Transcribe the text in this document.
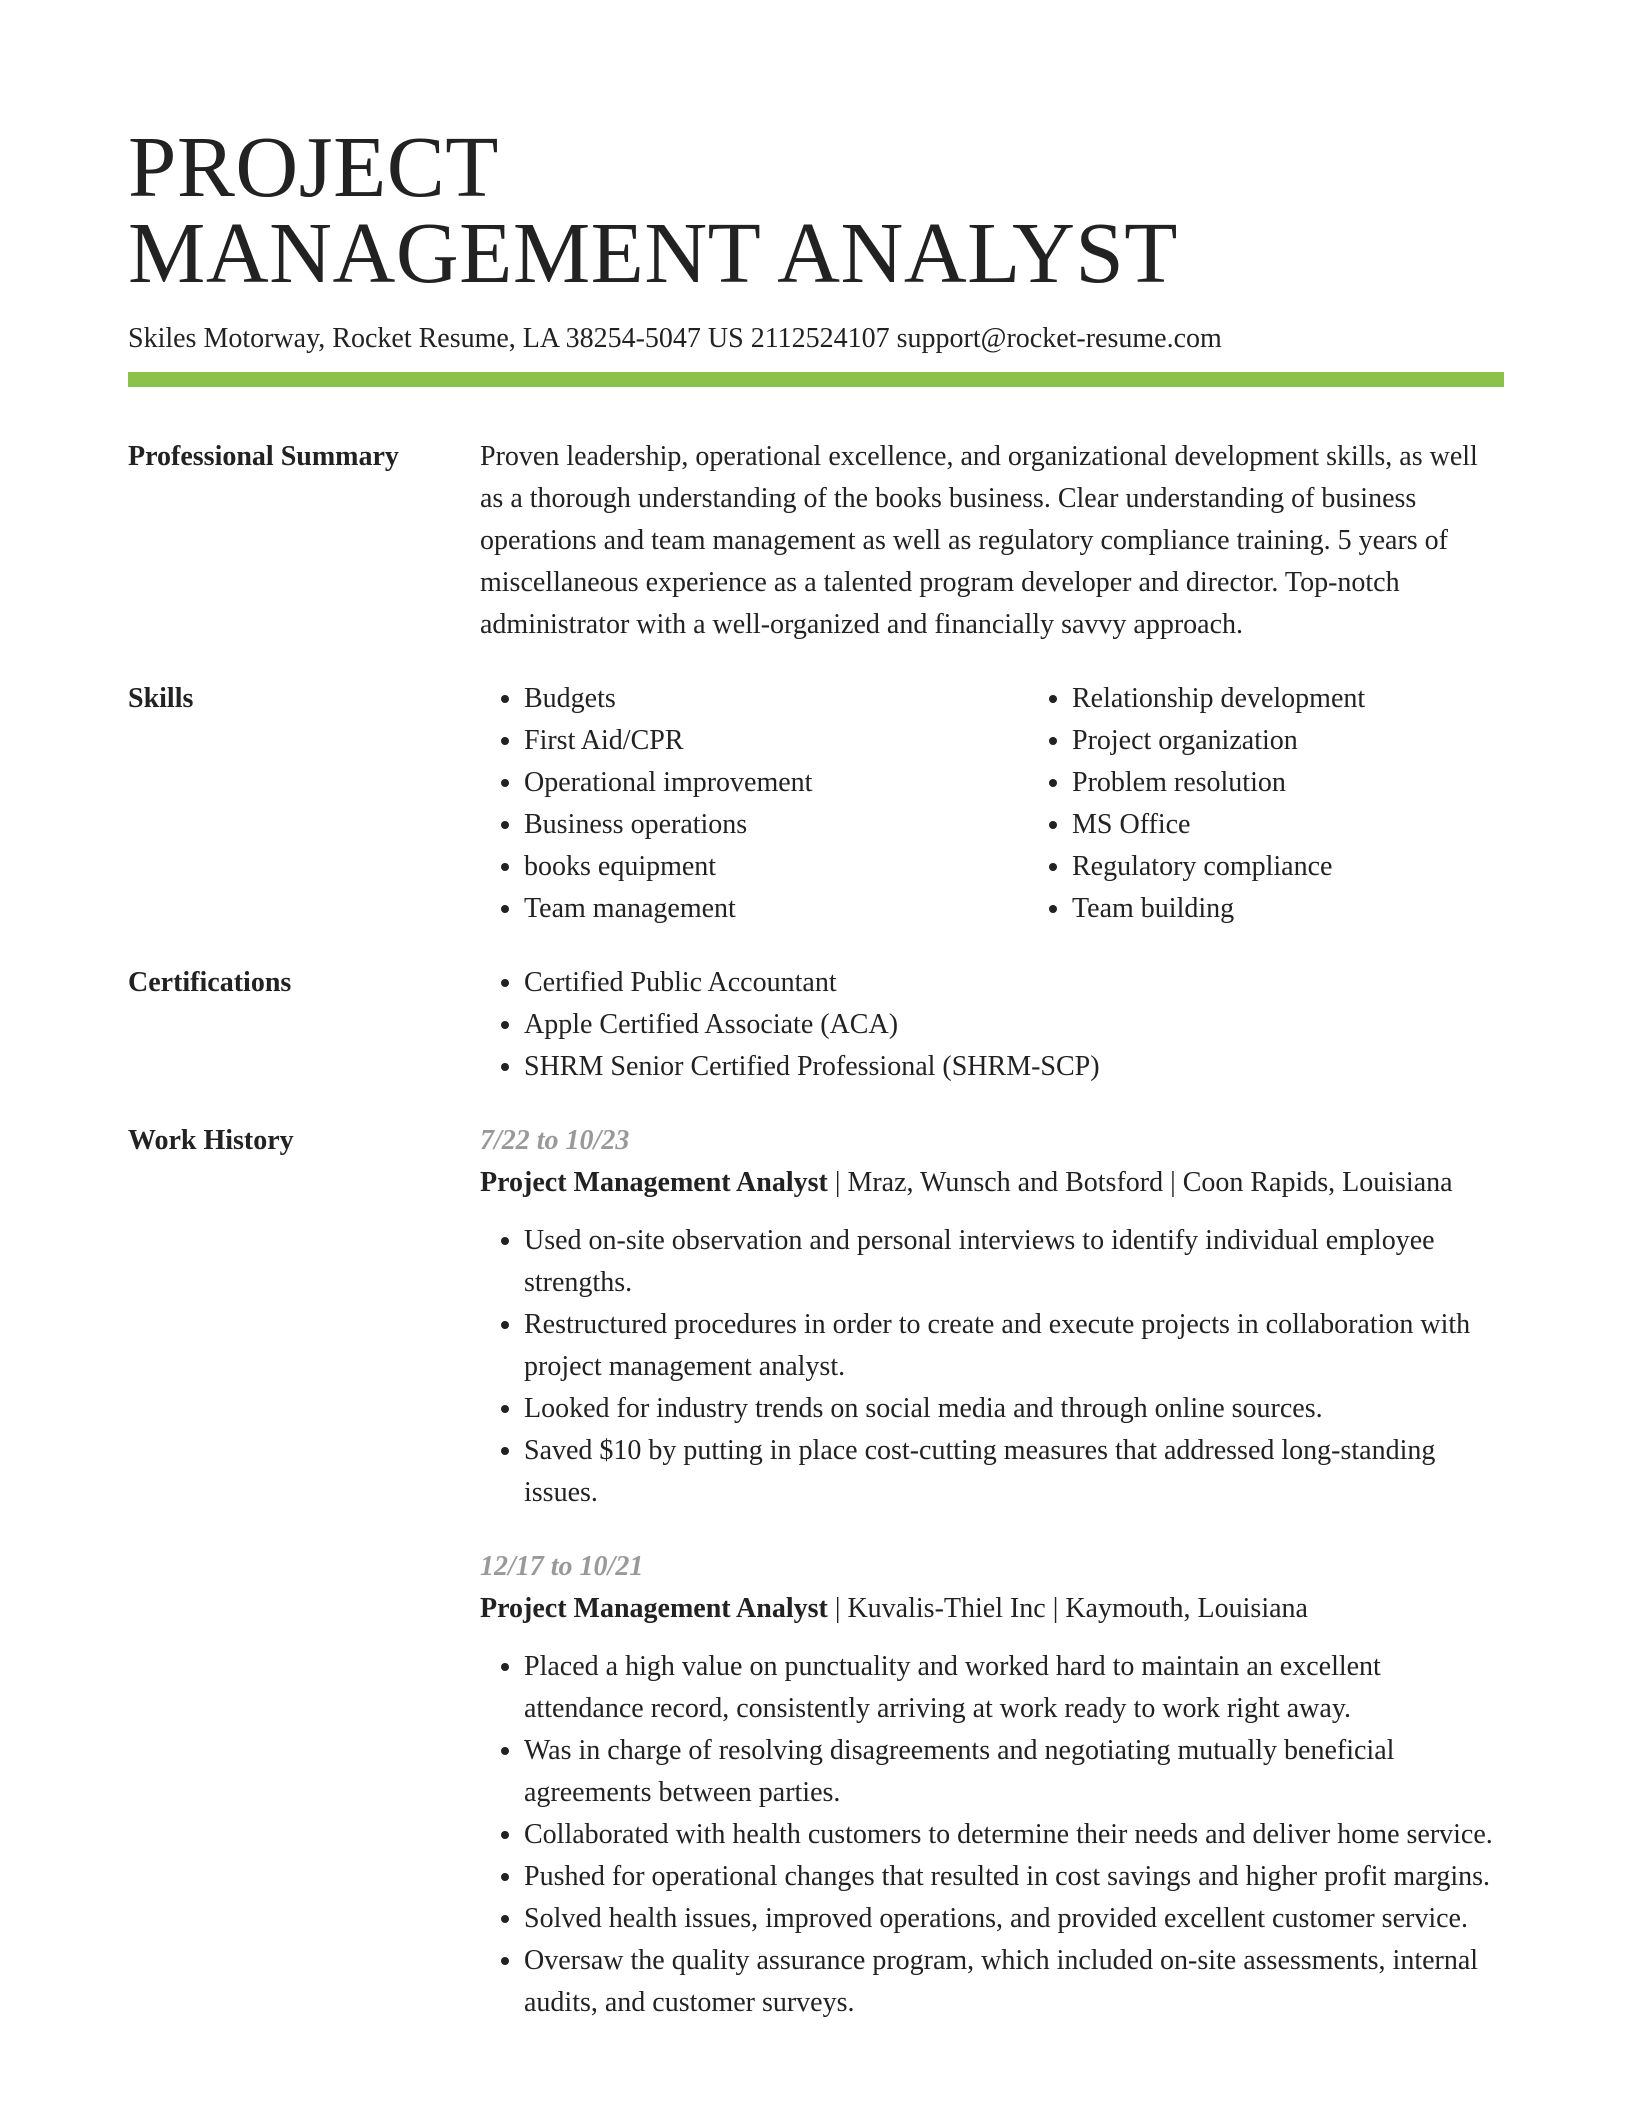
PROJECT
MANAGEMENT ANALYST
Skiles Motorway, Rocket Resume, LA 38254-5047 US 2112524107 support@rocket-resume.com
Professional Summary	Proven leadership, operational excellence, and organizational development skills, as well as a thorough understanding of the books business. Clear understanding of business operations and team management as well as regulatory compliance training. 5 years of miscellaneous experience as a talented program developer and director. Top-notch administrator with a well-organized and financially savvy approach.
Skills	• Budgets
• First Aid/CPR
• Operational improvement
• Business operations
• books equipment
• Team management
• Relationship development
• Project organization
• Problem resolution
• MS Office
• Regulatory compliance
• Team building
Certifications	• Certified Public Accountant
• Apple Certified Associate (ACA)
• SHRM Senior Certified Professional (SHRM-SCP)
Work History	7/22 to 10/23
Project Management Analyst | Mraz, Wunsch and Botsford | Coon Rapids, Louisiana
• Used on-site observation and personal interviews to identify individual employee strengths.
• Restructured procedures in order to create and execute projects in collaboration with project management analyst.
• Looked for industry trends on social media and through online sources.
• Saved $10 by putting in place cost-cutting measures that addressed long-standing issues.
12/17 to 10/21
Project Management Analyst | Kuvalis-Thiel Inc | Kaymouth, Louisiana
• Placed a high value on punctuality and worked hard to maintain an excellent attendance record, consistently arriving at work ready to work right away.
• Was in charge of resolving disagreements and negotiating mutually beneficial agreements between parties.
• Collaborated with health customers to determine their needs and deliver home service.
• Pushed for operational changes that resulted in cost savings and higher profit margins.
• Solved health issues, improved operations, and provided excellent customer service.
• Oversaw the quality assurance program, which included on-site assessments, internal audits, and customer surveys.
